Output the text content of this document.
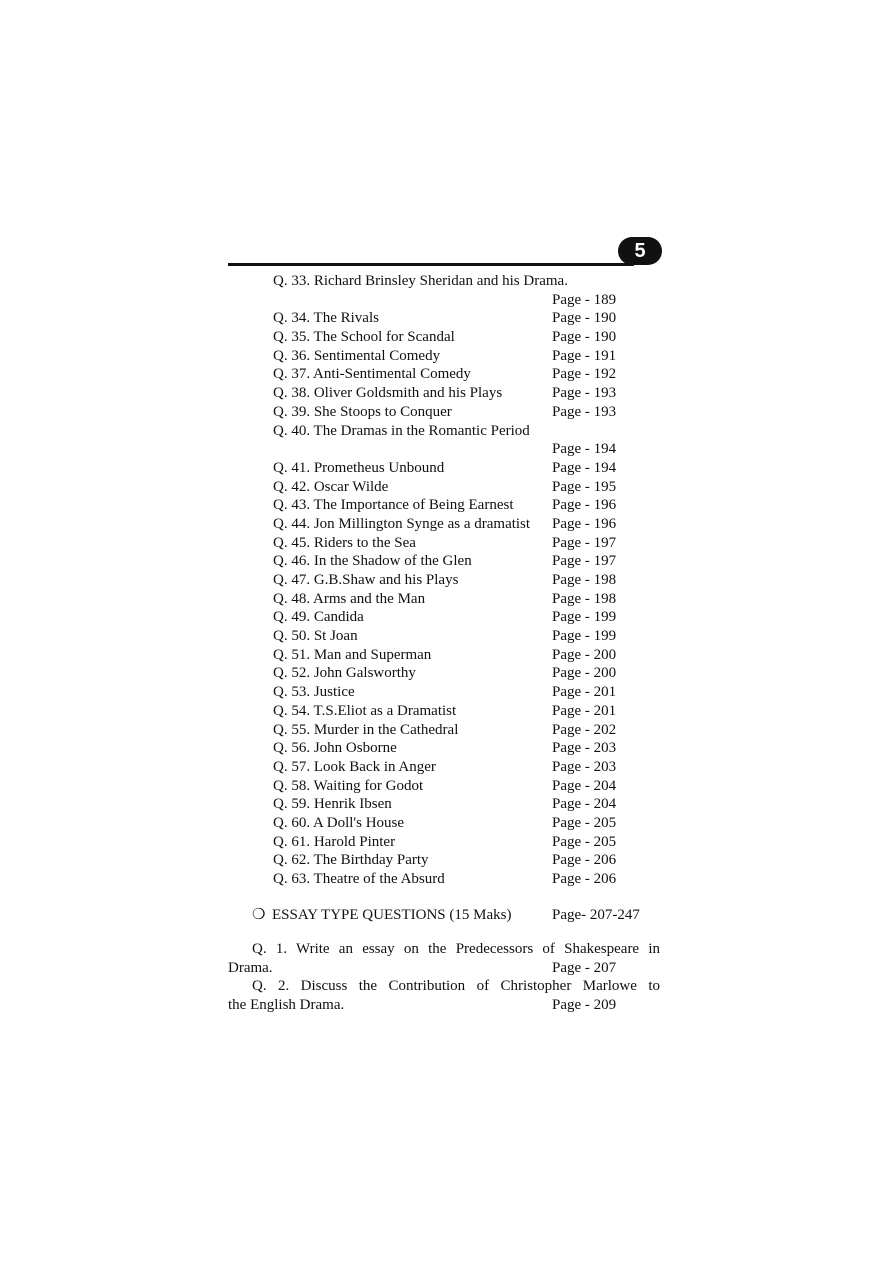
5
Q. 33. Richard Brinsley Sheridan and his Drama.
Page - 189
Q. 34. The Rivals	Page - 190
Q. 35. The School for Scandal	Page - 190
Q. 36. Sentimental Comedy	Page - 191
Q. 37. Anti-Sentimental Comedy	Page - 192
Q. 38. Oliver Goldsmith and his Plays	Page - 193
Q. 39. She Stoops to Conquer	Page - 193
Q. 40. The Dramas in the Romantic Period
Page - 194
Q. 41. Prometheus Unbound	Page - 194
Q. 42. Oscar Wilde	Page - 195
Q. 43. The Importance of Being Earnest	Page - 196
Q. 44. Jon Millington Synge as a dramatist Page - 196
Q. 45. Riders to the Sea	Page - 197
Q. 46. In the Shadow of the Glen	Page - 197
Q. 47. G.B.Shaw and his Plays	Page - 198
Q. 48. Arms and the Man	Page - 198
Q. 49. Candida	Page - 199
Q. 50. St Joan	Page - 199
Q. 51. Man and Superman	Page - 200
Q. 52. John Galsworthy	Page - 200
Q. 53. Justice	Page - 201
Q. 54. T.S.Eliot as a Dramatist	Page - 201
Q. 55. Murder in the Cathedral	Page - 202
Q. 56. John Osborne	Page - 203
Q. 57. Look Back in Anger	Page - 203
Q. 58. Waiting for Godot	Page - 204
Q. 59. Henrik Ibsen	Page - 204
Q. 60. A Doll's House	Page - 205
Q. 61. Harold Pinter	Page - 205
Q. 62. The Birthday Party	Page - 206
Q. 63. Theatre of the Absurd	Page - 206
❍ ESSAY TYPE QUESTIONS (15 Maks)	Page- 207-247
Q. 1. Write an essay on the Predecessors of Shakespeare in
Drama.	Page - 207
Q. 2. Discuss the Contribution of Christopher Marlowe to
the English Drama.	Page - 209
